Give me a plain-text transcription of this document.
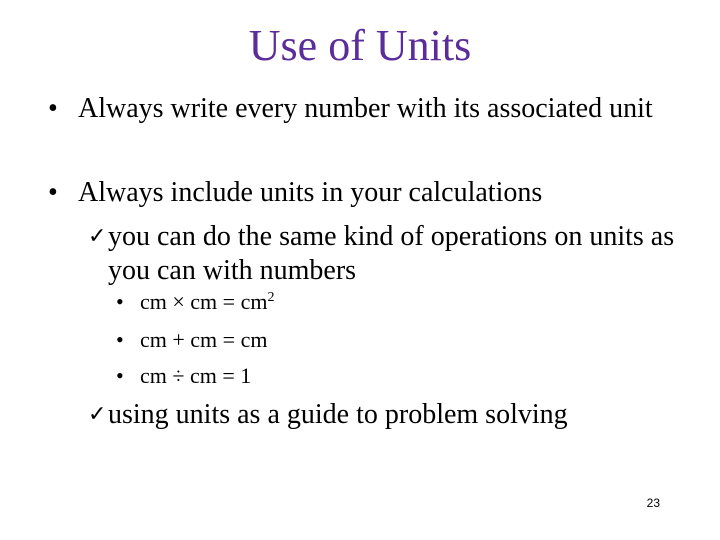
Use of Units
• Always write every number with its associated unit
• Always include units in your calculations
✓ you can do the same kind of operations on units as you can with numbers
• cm × cm = $cm^2$
• cm + cm = cm
• cm ÷ cm = 1
✓ using units as a guide to problem solving
23
